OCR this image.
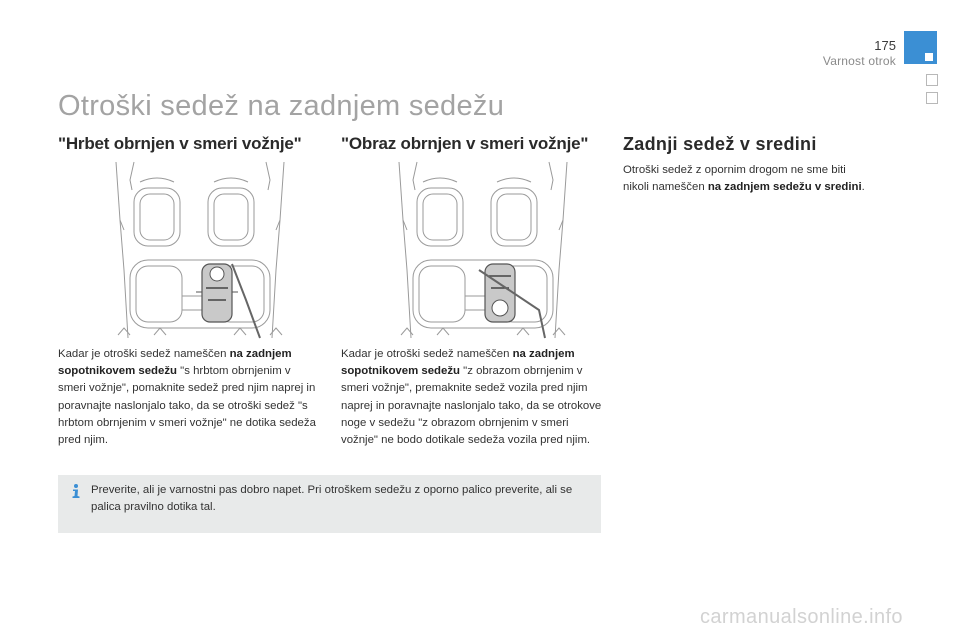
175
Varnost otrok
Otroški sedež na zadnjem sedežu
"Hrbet obrnjen v smeri vožnje" "Obraz obrnjen v smeri vožnje" Zadnji sedež v sredini
Kadar je otroški sedež nameščen na zadnjem sopotnikovem sedežu "s hrbtom obrnjenim v smeri vožnje", pomaknite sedež pred njim naprej in poravnajte naslonjalo tako, da se otroški sedež "s hrbtom obrnjenim v smeri vožnje" ne dotika sedeža pred njim.
Kadar je otroški sedež nameščen na zadnjem sopotnikovem sedežu "z obrazom obrnjenim v smeri vožnje", premaknite sedež vozila pred njim naprej in poravnajte naslonjalo tako, da se otrokove noge v sedežu "z obrazom obrnjenim v smeri vožnje" ne bodo dotikale sedeža vozila pred njim.
Otroški sedež z opornim drogom ne sme biti nikoli nameščen na zadnjem sedežu v sredini.
Preverite, ali je varnostni pas dobro napet. Pri otroškem sedežu z oporno palico preverite, ali se palica pravilno dotika tal.
carmanualsonline.info
